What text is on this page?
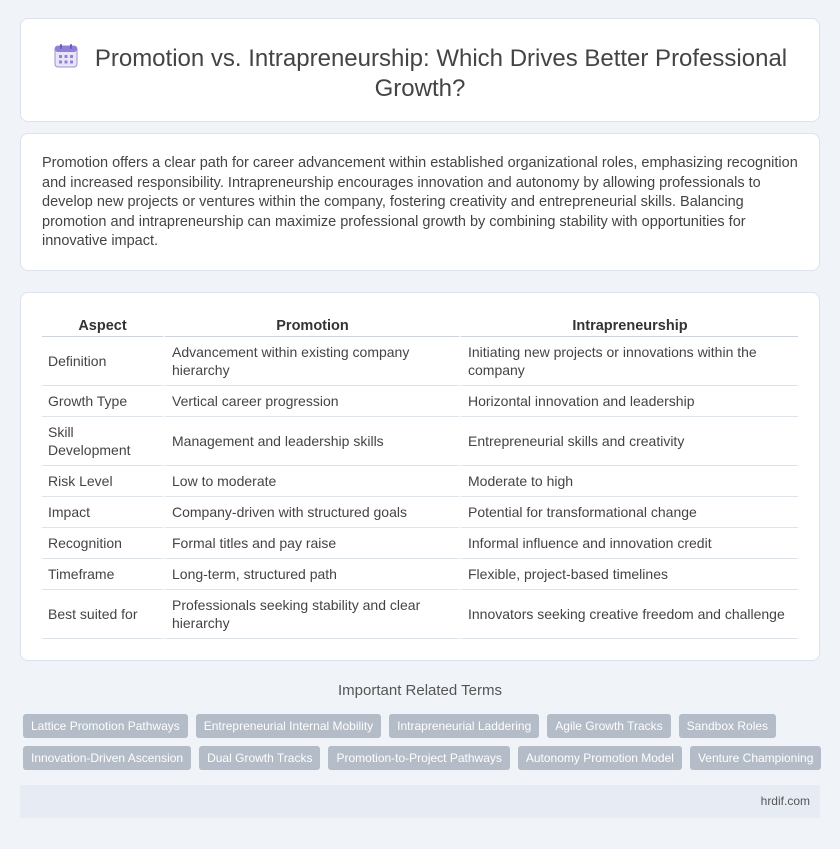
Promotion vs. Intrapreneurship: Which Drives Better Professional Growth?

Promotion offers a clear path for career advancement within established organizational roles, emphasizing recognition and increased responsibility. Intrapreneurship encourages innovation and autonomy by allowing professionals to develop new projects or ventures within the company, fostering creativity and entrepreneurial skills. Balancing promotion and intrapreneurship can maximize professional growth by combining stability with opportunities for innovative impact.

Aspect	Promotion	Intrapreneurship
Definition	Advancement within existing company hierarchy	Initiating new projects or innovations within the company
Growth Type	Vertical career progression	Horizontal innovation and leadership
Skill Development	Management and leadership skills	Entrepreneurial skills and creativity
Risk Level	Low to moderate	Moderate to high
Impact	Company-driven with structured goals	Potential for transformational change
Recognition	Formal titles and pay raise	Informal influence and innovation credit
Timeframe	Long-term, structured path	Flexible, project-based timelines
Best suited for	Professionals seeking stability and clear hierarchy	Innovators seeking creative freedom and challenge
Important Related Terms
Lattice Promotion Pathways	Entrepreneurial Internal Mobility	Intrapreneurial Laddering	Agile Growth Tracks	Sandbox Roles
Innovation-Driven Ascension	Dual Growth Tracks	Promotion-to-Project Pathways	Autonomy Promotion Model	Venture Championing
hrdif.com
